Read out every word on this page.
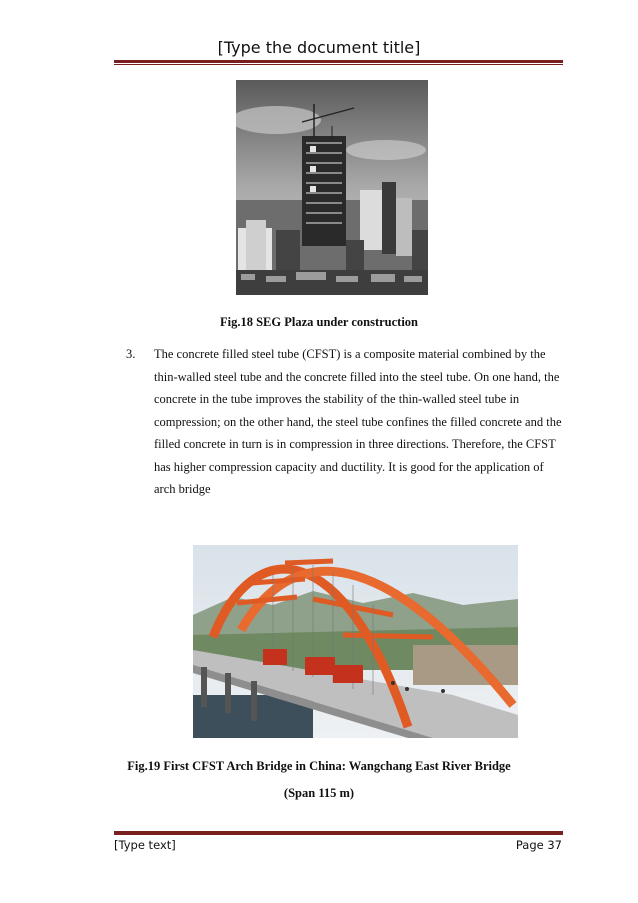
[Type the document title]
Fig.18 SEG Plaza under construction
3. The concrete filled steel tube (CFST) is a composite material combined by the thin-walled steel tube and the concrete filled into the steel tube. On one hand, the concrete in the tube improves the stability of the thin-walled steel tube in compression; on the other hand, the steel tube confines the filled concrete and the filled concrete in turn is in compression in three directions. Therefore, the CFST has higher compression capacity and ductility. It is good for the application of arch bridge
Fig.19 First CFST Arch Bridge in China: Wangchang East River Bridge
(Span 115 m)
[Type text]	Page 37
